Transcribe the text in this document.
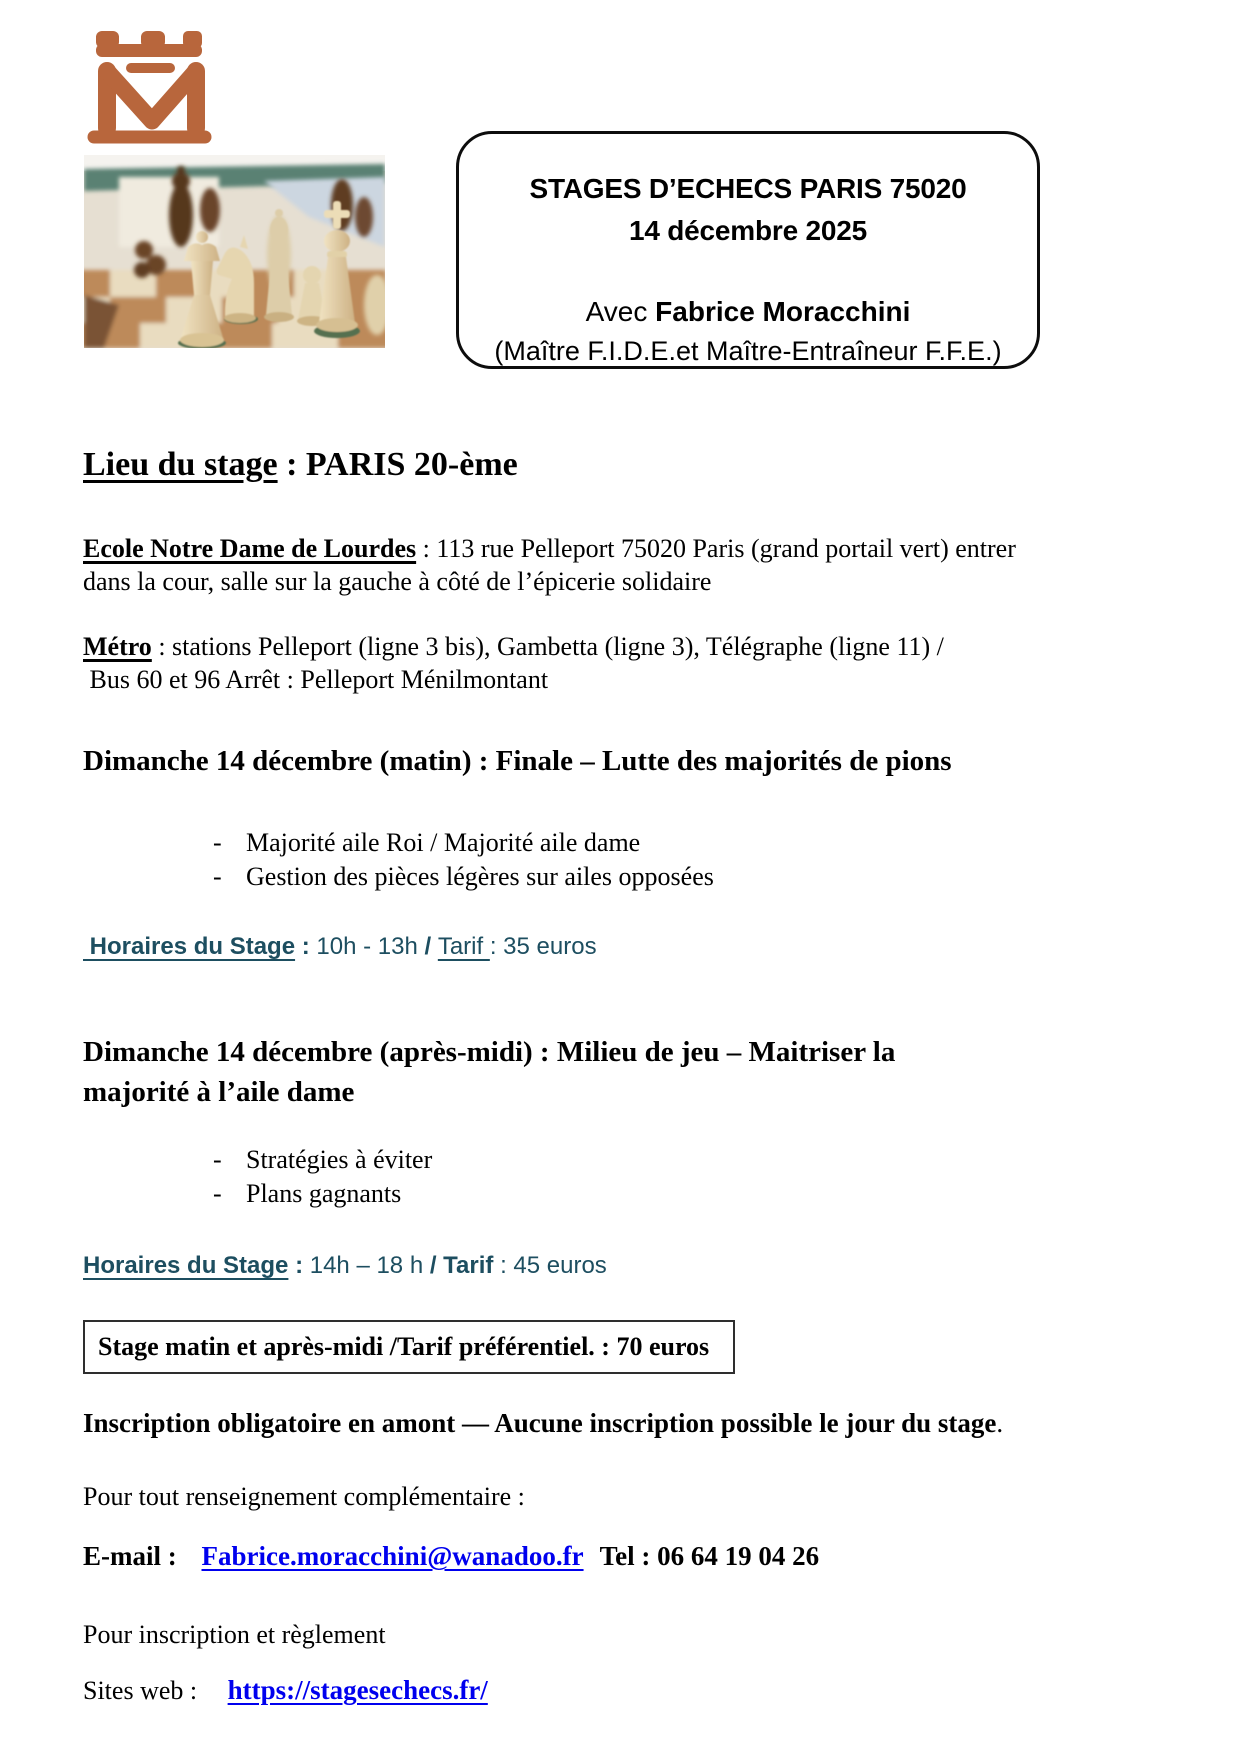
STAGES D’ECHECS PARIS 75020
14 décembre 2025
Avec Fabrice Moracchini
(Maître F.I.D.E.et Maître-Entraîneur F.F.E.)
Lieu du stage : PARIS 20-ème
Ecole Notre Dame de Lourdes : 113 rue Pelleport 75020 Paris (grand portail vert) entrer
dans la cour, salle sur la gauche à côté de l’épicerie solidaire
Métro : stations Pelleport (ligne 3 bis), Gambetta (ligne 3), Télégraphe (ligne 11) /
Bus 60 et 96 Arrêt : Pelleport Ménilmontant
Dimanche 14 décembre (matin) : Finale – Lutte des majorités de pions
- Majorité aile Roi / Majorité aile dame
- Gestion des pièces légères sur ailes opposées
Horaires du Stage : 10h - 13h / Tarif : 35 euros
Dimanche 14 décembre (après-midi) : Milieu de jeu – Maitriser la
majorité à l’aile dame
- Stratégies à éviter
- Plans gagnants
Horaires du Stage : 14h – 18 h / Tarif : 45 euros
Stage matin et après-midi /Tarif préférentiel. : 70 euros
Inscription obligatoire en amont — Aucune inscription possible le jour du stage.
Pour tout renseignement complémentaire :
E-mail : Fabrice.moracchini@wanadoo.fr Tel : 06 64 19 04 26
Pour inscription et règlement
Sites web : https://stagesechecs.fr/
